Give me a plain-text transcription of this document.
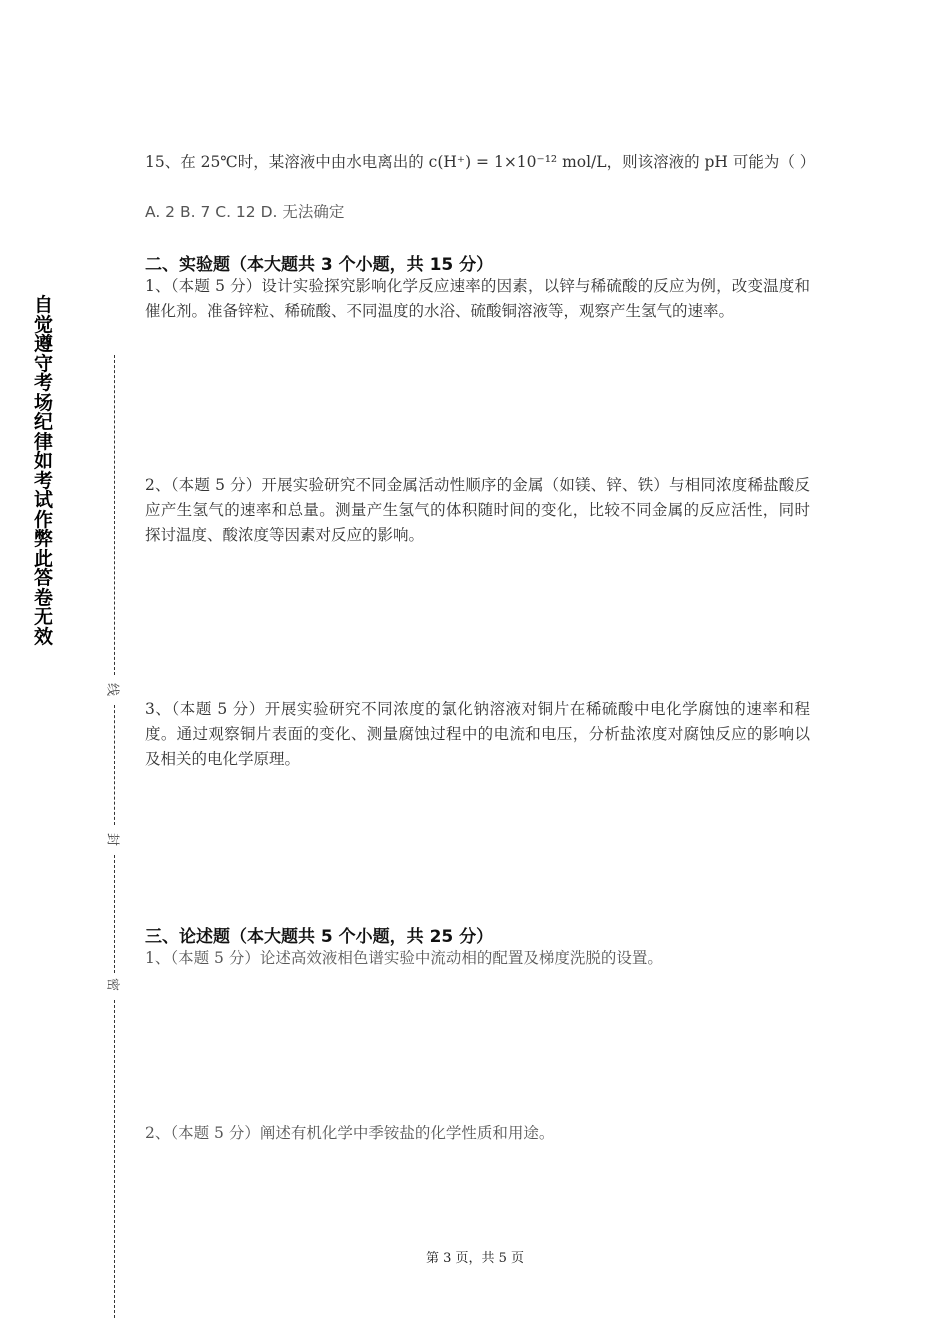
自觉遵守考场纪律如考试作弊此答卷无效
线
封
密
15、在 25℃时，某溶液中由水电离出的 c(H⁺) = 1×10⁻¹² mol/L，则该溶液的 pH 可能为（ ）
A. 2 B. 7 C. 12 D. 无法确定
二、实验题（本大题共 3 个小题，共 15 分）
1、（本题 5 分）设计实验探究影响化学反应速率的因素，以锌与稀硫酸的反应为例，改变温度和催化剂。准备锌粒、稀硫酸、不同温度的水浴、硫酸铜溶液等，观察产生氢气的速率。
2、（本题 5 分）开展实验研究不同金属活动性顺序的金属（如镁、锌、铁）与相同浓度稀盐酸反应产生氢气的速率和总量。测量产生氢气的体积随时间的变化，比较不同金属的反应活性，同时探讨温度、酸浓度等因素对反应的影响。
3、（本题 5 分）开展实验研究不同浓度的氯化钠溶液对铜片在稀硫酸中电化学腐蚀的速率和程度。通过观察铜片表面的变化、测量腐蚀过程中的电流和电压，分析盐浓度对腐蚀反应的影响以及相关的电化学原理。
三、论述题（本大题共 5 个小题，共 25 分）
1、（本题 5 分）论述高效液相色谱实验中流动相的配置及梯度洗脱的设置。
2、（本题 5 分）阐述有机化学中季铵盐的化学性质和用途。
第 3 页，共 5 页
